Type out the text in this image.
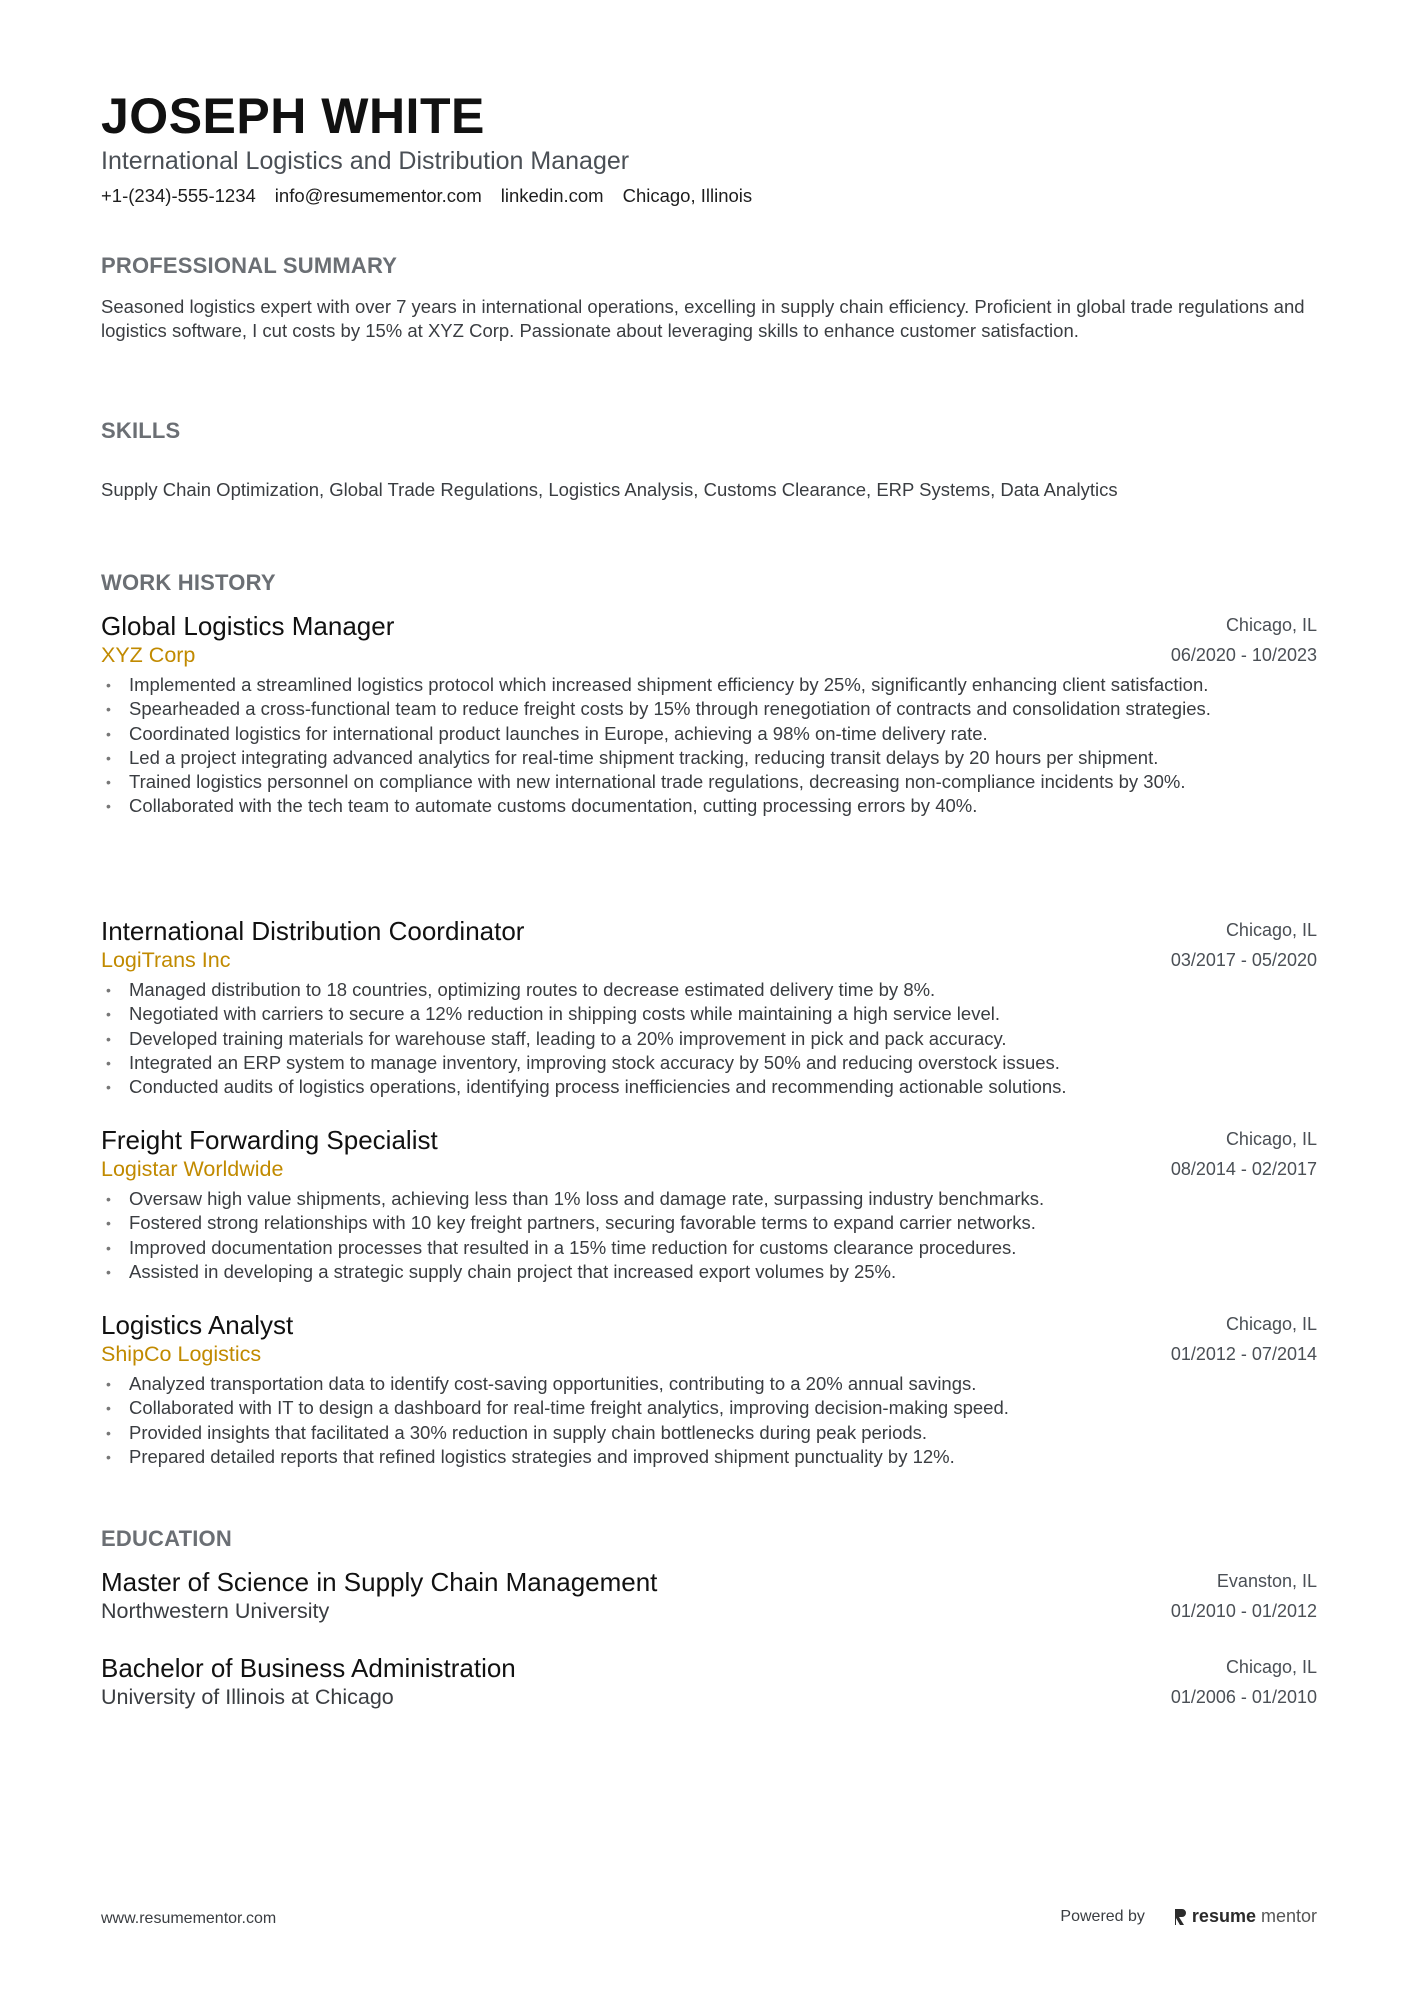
JOSEPH WHITE
International Logistics and Distribution Manager
+1-(234)-555-1234 info@resumementor.com linkedin.com Chicago, Illinois
PROFESSIONAL SUMMARY
Seasoned logistics expert with over 7 years in international operations, excelling in supply chain efficiency. Proficient in global trade regulations and logistics software, I cut costs by 15% at XYZ Corp. Passionate about leveraging skills to enhance customer satisfaction.
SKILLS
Supply Chain Optimization, Global Trade Regulations, Logistics Analysis, Customs Clearance, ERP Systems, Data Analytics
WORK HISTORY
Global Logistics Manager
XYZ Corp
Chicago, IL
06/2020 - 10/2023
• Implemented a streamlined logistics protocol which increased shipment efficiency by 25%, significantly enhancing client satisfaction.
• Spearheaded a cross-functional team to reduce freight costs by 15% through renegotiation of contracts and consolidation strategies.
• Coordinated logistics for international product launches in Europe, achieving a 98% on-time delivery rate.
• Led a project integrating advanced analytics for real-time shipment tracking, reducing transit delays by 20 hours per shipment.
• Trained logistics personnel on compliance with new international trade regulations, decreasing non-compliance incidents by 30%.
• Collaborated with the tech team to automate customs documentation, cutting processing errors by 40%.
International Distribution Coordinator
LogiTrans Inc
Chicago, IL
03/2017 - 05/2020
• Managed distribution to 18 countries, optimizing routes to decrease estimated delivery time by 8%.
• Negotiated with carriers to secure a 12% reduction in shipping costs while maintaining a high service level.
• Developed training materials for warehouse staff, leading to a 20% improvement in pick and pack accuracy.
• Integrated an ERP system to manage inventory, improving stock accuracy by 50% and reducing overstock issues.
• Conducted audits of logistics operations, identifying process inefficiencies and recommending actionable solutions.
Freight Forwarding Specialist
Logistar Worldwide
Chicago, IL
08/2014 - 02/2017
• Oversaw high value shipments, achieving less than 1% loss and damage rate, surpassing industry benchmarks.
• Fostered strong relationships with 10 key freight partners, securing favorable terms to expand carrier networks.
• Improved documentation processes that resulted in a 15% time reduction for customs clearance procedures.
• Assisted in developing a strategic supply chain project that increased export volumes by 25%.
Logistics Analyst
ShipCo Logistics
Chicago, IL
01/2012 - 07/2014
• Analyzed transportation data to identify cost-saving opportunities, contributing to a 20% annual savings.
• Collaborated with IT to design a dashboard for real-time freight analytics, improving decision-making speed.
• Provided insights that facilitated a 30% reduction in supply chain bottlenecks during peak periods.
• Prepared detailed reports that refined logistics strategies and improved shipment punctuality by 12%.
EDUCATION
Master of Science in Supply Chain Management
Northwestern University
Evanston, IL
01/2010 - 01/2012
Bachelor of Business Administration
University of Illinois at Chicago
Chicago, IL
01/2006 - 01/2010
www.resumementor.com	Powered by	resume mentor
